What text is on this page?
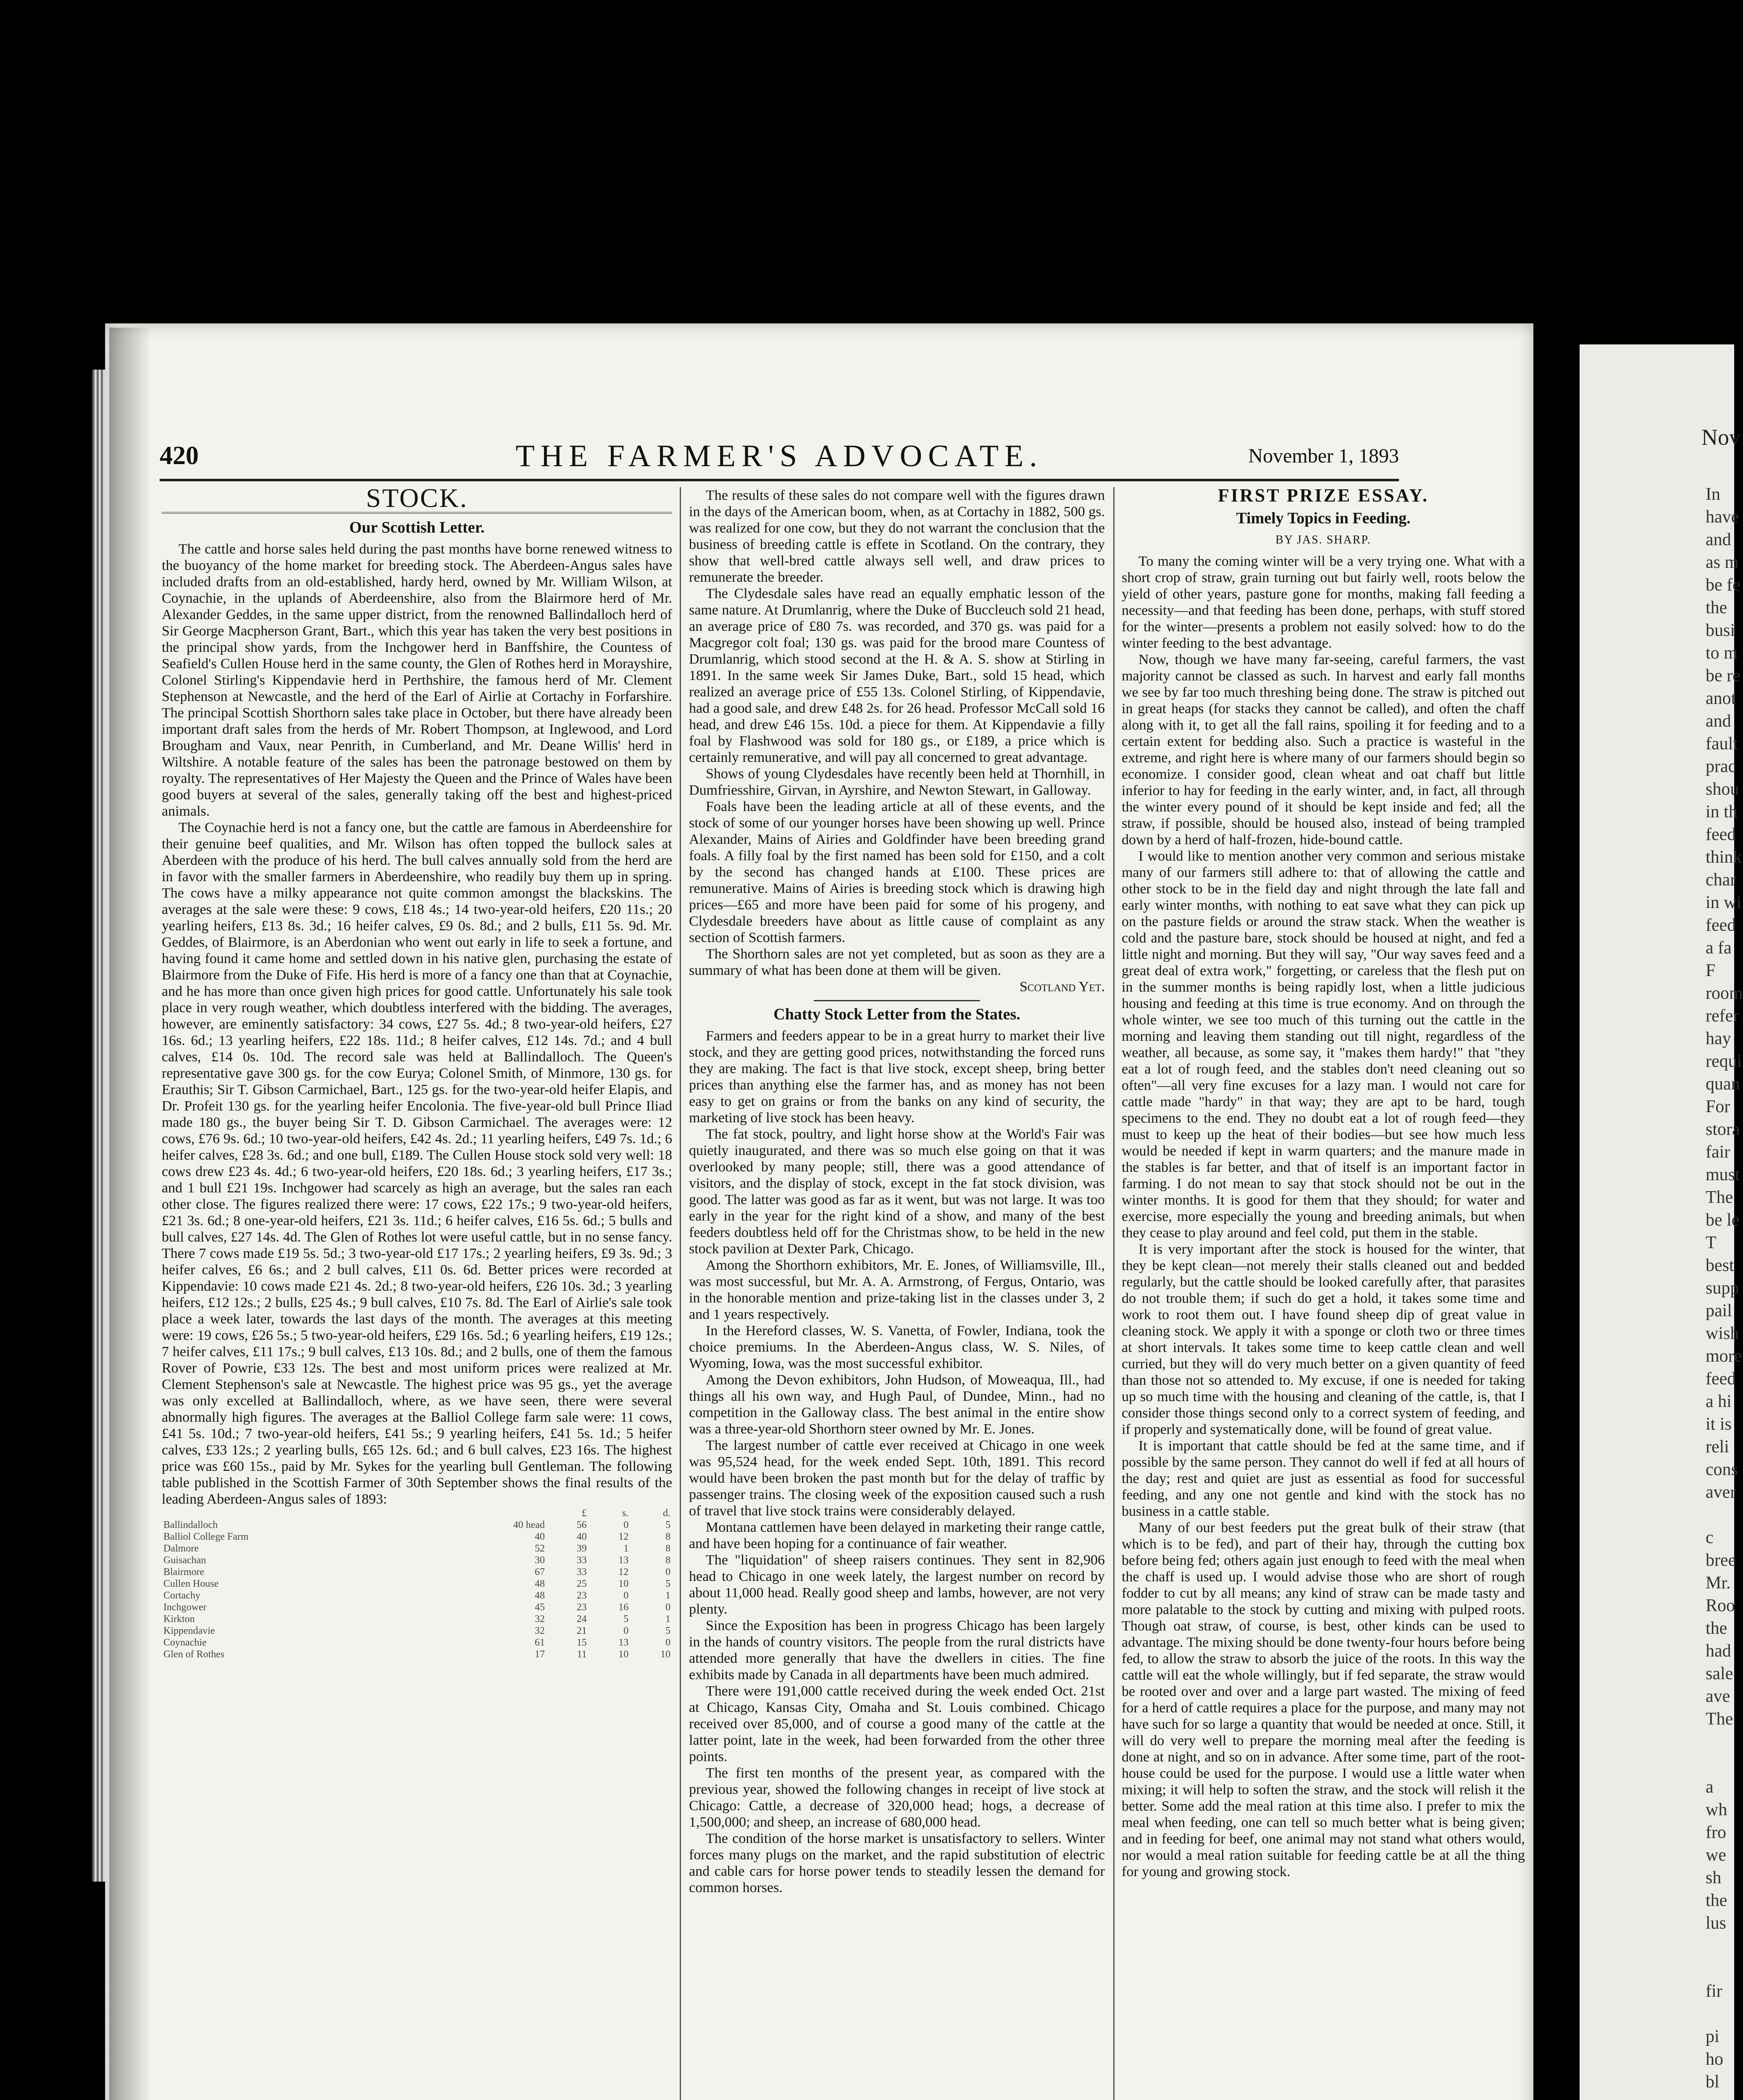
Nov
In
have
and
as m
be fe
the
busi
to m
be re
anot
and
fault
prac
shou
in th
feed
think
char
in wi
feed
a fa
F
room
refer
hay
requi
quan
For
stora
fair
must
The
be le
T
best
supp
pail
wish
more
feed
a hi
it is
reli
cons
aver
c
bree
Mr.
Roo
the
had
sale
ave
The
a
wh
fro
we
sh
the
lus
fir
pi
ho
bl
420	THE FARMER'S ADVOCATE.	November 1, 1893
STOCK.
Our Scottish Letter.

The cattle and horse sales held during the past months have borne renewed witness to the buoyancy of the home market for breeding stock. The Aberdeen-Angus sales have included drafts from an old-established, hardy herd, owned by Mr. William Wilson, at Coynachie, in the uplands of Aberdeenshire, also from the Blairmore herd of Mr. Alexander Geddes, in the same upper district, from the renowned Ballindalloch herd of Sir George Macpherson Grant, Bart., which this year has taken the very best positions in the principal show yards, from the Inchgower herd in Banffshire, the Countess of Seafield's Cullen House herd in the same county, the Glen of Rothes herd in Morayshire, Colonel Stirling's Kippendavie herd in Perthshire, the famous herd of Mr. Clement Stephenson at Newcastle, and the herd of the Earl of Airlie at Cortachy in Forfarshire. The principal Scottish Shorthorn sales take place in October, but there have already been important draft sales from the herds of Mr. Robert Thompson, at Inglewood, and Lord Brougham and Vaux, near Penrith, in Cumberland, and Mr. Deane Willis' herd in Wiltshire. A notable feature of the sales has been the patronage bestowed on them by royalty. The representatives of Her Majesty the Queen and the Prince of Wales have been good buyers at several of the sales, generally taking off the best and highest-priced animals.

The Coynachie herd is not a fancy one, but the cattle are famous in Aberdeenshire for their genuine beef qualities, and Mr. Wilson has often topped the bullock sales at Aberdeen with the produce of his herd. The bull calves annually sold from the herd are in favor with the smaller farmers in Aberdeenshire, who readily buy them up in spring. The cows have a milky appearance not quite common amongst the blackskins. The averages at the sale were these: 9 cows, £18 4s.; 14 two-year-old heifers, £20 11s.; 20 yearling heifers, £13 8s. 3d.; 16 heifer calves, £9 0s. 8d.; and 2 bulls, £11 5s. 9d. Mr. Geddes, of Blairmore, is an Aberdonian who went out early in life to seek a fortune, and having found it came home and settled down in his native glen, purchasing the estate of Blairmore from the Duke of Fife. His herd is more of a fancy one than that at Coynachie, and he has more than once given high prices for good cattle. Unfortunately his sale took place in very rough weather, which doubtless interfered with the bidding. The averages, however, are eminently satisfactory: 34 cows, £27 5s. 4d.; 8 two-year-old heifers, £27 16s. 6d.; 13 yearling heifers, £22 18s. 11d.; 8 heifer calves, £12 14s. 7d.; and 4 bull calves, £14 0s. 10d. The record sale was held at Ballindalloch. The Queen's representative gave 300 gs. for the cow Eurya; Colonel Smith, of Minmore, 130 gs. for Erauthis; Sir T. Gibson Carmichael, Bart., 125 gs. for the two-year-old heifer Elapis, and Dr. Profeit 130 gs. for the yearling heifer Encolonia. The five-year-old bull Prince Iliad made 180 gs., the buyer being Sir T. D. Gibson Carmichael. The averages were: 12 cows, £76 9s. 6d.; 10 two-year-old heifers, £42 4s. 2d.; 11 yearling heifers, £49 7s. 1d.; 6 heifer calves, £28 3s. 6d.; and one bull, £189. The Cullen House stock sold very well: 18 cows drew £23 4s. 4d.; 6 two-year-old heifers, £20 18s. 6d.; 3 yearling heifers, £17 3s.; and 1 bull £21 19s. Inchgower had scarcely as high an average, but the sales ran each other close. The figures realized there were: 17 cows, £22 17s.; 9 two-year-old heifers, £21 3s. 6d.; 8 one-year-old heifers, £21 3s. 11d.; 6 heifer calves, £16 5s. 6d.; 5 bulls and bull calves, £27 14s. 4d. The Glen of Rothes lot were useful cattle, but in no sense fancy. There 7 cows made £19 5s. 5d.; 3 two-year-old £17 17s.; 2 yearling heifers, £9 3s. 9d.; 3 heifer calves, £6 6s.; and 2 bull calves, £11 0s. 6d. Better prices were recorded at Kippendavie: 10 cows made £21 4s. 2d.; 8 two-year-old heifers, £26 10s. 3d.; 3 yearling heifers, £12 12s.; 2 bulls, £25 4s.; 9 bull calves, £10 7s. 8d. The Earl of Airlie's sale took place a week later, towards the last days of the month. The averages at this meeting were: 19 cows, £26 5s.; 5 two-year-old heifers, £29 16s. 5d.; 6 yearling heifers, £19 12s.; 7 heifer calves, £11 17s.; 9 bull calves, £13 10s. 8d.; and 2 bulls, one of them the famous Rover of Powrie, £33 12s. The best and most uniform prices were realized at Mr. Clement Stephenson's sale at Newcastle. The highest price was 95 gs., yet the average was only excelled at Ballindalloch, where, as we have seen, there were several abnormally high figures. The averages at the Balliol College farm sale were: 11 cows, £41 5s. 10d.; 7 two-year-old heifers, £41 5s.; 9 yearling heifers, £41 5s. 1d.; 5 heifer calves, £33 12s.; 2 yearling bulls, £65 12s. 6d.; and 6 bull calves, £23 16s. The highest price was £60 15s., paid by Mr. Sykes for the yearling bull Gentleman. The following table published in the Scottish Farmer of 30th September shows the final results of the leading Aberdeen-Angus sales of 1893:

		£	s.	d.
Ballindalloch	40 head	56	0	5
Balliol College Farm	40	40	12	8
Dalmore	52	39	1	8
Guisachan	30	33	13	8
Blairmore	67	33	12	0
Cullen House	48	25	10	5
Cortachy	48	23	0	1
Inchgower	45	23	16	0
Kirkton	32	24	5	1
Kippendavie	32	21	0	5
Coynachie	61	15	13	0
Glen of Rothes	17	11	10	10

The results of these sales do not compare well with the figures drawn in the days of the American boom, when, as at Cortachy in 1882, 500 gs. was realized for one cow, but they do not warrant the conclusion that the business of breeding cattle is effete in Scotland. On the contrary, they show that well-bred cattle always sell well, and draw prices to remunerate the breeder.

The Clydesdale sales have read an equally emphatic lesson of the same nature. At Drumlanrig, where the Duke of Buccleuch sold 21 head, an average price of £80 7s. was recorded, and 370 gs. was paid for a Macgregor colt foal; 130 gs. was paid for the brood mare Countess of Drumlanrig, which stood second at the H. & A. S. show at Stirling in 1891. In the same week Sir James Duke, Bart., sold 15 head, which realized an average price of £55 13s. Colonel Stirling, of Kippendavie, had a good sale, and drew £48 2s. for 26 head. Professor McCall sold 16 head, and drew £46 15s. 10d. a piece for them. At Kippendavie a filly foal by Flashwood was sold for 180 gs., or £189, a price which is certainly remunerative, and will pay all concerned to great advantage.

Shows of young Clydesdales have recently been held at Thornhill, in Dumfriesshire, Girvan, in Ayrshire, and Newton Stewart, in Galloway.

Foals have been the leading article at all of these events, and the stock of some of our younger horses have been showing up well. Prince Alexander, Mains of Airies and Goldfinder have been breeding grand foals. A filly foal by the first named has been sold for £150, and a colt by the second has changed hands at £100. These prices are remunerative. Mains of Airies is breeding stock which is drawing high prices—£65 and more have been paid for some of his progeny, and Clydesdale breeders have about as little cause of complaint as any section of Scottish farmers.

The Shorthorn sales are not yet completed, but as soon as they are a summary of what has been done at them will be given.

Scotland Yet.
Chatty Stock Letter from the States.

Farmers and feeders appear to be in a great hurry to market their live stock, and they are getting good prices, notwithstanding the forced runs they are making. The fact is that live stock, except sheep, bring better prices than anything else the farmer has, and as money has not been easy to get on grains or from the banks on any kind of security, the marketing of live stock has been heavy.

The fat stock, poultry, and light horse show at the World's Fair was quietly inaugurated, and there was so much else going on that it was overlooked by many people; still, there was a good attendance of visitors, and the display of stock, except in the fat stock division, was good. The latter was good as far as it went, but was not large. It was too early in the year for the right kind of a show, and many of the best feeders doubtless held off for the Christmas show, to be held in the new stock pavilion at Dexter Park, Chicago.

Among the Shorthorn exhibitors, Mr. E. Jones, of Williamsville, Ill., was most successful, but Mr. A. A. Armstrong, of Fergus, Ontario, was in the honorable mention and prize-taking list in the classes under 3, 2 and 1 years respectively.

In the Hereford classes, W. S. Vanetta, of Fowler, Indiana, took the choice premiums. In the Aberdeen-Angus class, W. S. Niles, of Wyoming, Iowa, was the most successful exhibitor.

Among the Devon exhibitors, John Hudson, of Moweaqua, Ill., had things all his own way, and Hugh Paul, of Dundee, Minn., had no competition in the Galloway class. The best animal in the entire show was a three-year-old Shorthorn steer owned by Mr. E. Jones.

The largest number of cattle ever received at Chicago in one week was 95,524 head, for the week ended Sept. 10th, 1891. This record would have been broken the past month but for the delay of traffic by passenger trains. The closing week of the exposition caused such a rush of travel that live stock trains were considerably delayed.

Montana cattlemen have been delayed in marketing their range cattle, and have been hoping for a continuance of fair weather.

The "liquidation" of sheep raisers continues. They sent in 82,906 head to Chicago in one week lately, the largest number on record by about 11,000 head. Really good sheep and lambs, however, are not very plenty.

Since the Exposition has been in progress Chicago has been largely in the hands of country visitors. The people from the rural districts have attended more generally that have the dwellers in cities. The fine exhibits made by Canada in all departments have been much admired.

There were 191,000 cattle received during the week ended Oct. 21st at Chicago, Kansas City, Omaha and St. Louis combined. Chicago received over 85,000, and of course a good many of the cattle at the latter point, late in the week, had been forwarded from the other three points.

The first ten months of the present year, as compared with the previous year, showed the following changes in receipt of live stock at Chicago: Cattle, a decrease of 320,000 head; hogs, a decrease of 1,500,000; and sheep, an increase of 680,000 head.

The condition of the horse market is unsatisfactory to sellers. Winter forces many plugs on the market, and the rapid substitution of electric and cable cars for horse power tends to steadily lessen the demand for common horses.

FIRST PRIZE ESSAY.
Timely Topics in Feeding.
BY JAS. SHARP.

To many the coming winter will be a very trying one. What with a short crop of straw, grain turning out but fairly well, roots below the yield of other years, pasture gone for months, making fall feeding a necessity—and that feeding has been done, perhaps, with stuff stored for the winter—presents a problem not easily solved: how to do the winter feeding to the best advantage.

Now, though we have many far-seeing, careful farmers, the vast majority cannot be classed as such. In harvest and early fall months we see by far too much threshing being done. The straw is pitched out in great heaps (for stacks they cannot be called), and often the chaff along with it, to get all the fall rains, spoiling it for feeding and to a certain extent for bedding also. Such a practice is wasteful in the extreme, and right here is where many of our farmers should begin so economize. I consider good, clean wheat and oat chaff but little inferior to hay for feeding in the early winter, and, in fact, all through the winter every pound of it should be kept inside and fed; all the straw, if possible, should be housed also, instead of being trampled down by a herd of half-frozen, hide-bound cattle.

I would like to mention another very common and serious mistake many of our farmers still adhere to: that of allowing the cattle and other stock to be in the field day and night through the late fall and early winter months, with nothing to eat save what they can pick up on the pasture fields or around the straw stack. When the weather is cold and the pasture bare, stock should be housed at night, and fed a little night and morning. But they will say, "Our way saves feed and a great deal of extra work," forgetting, or careless that the flesh put on in the summer months is being rapidly lost, when a little judicious housing and feeding at this time is true economy. And on through the whole winter, we see too much of this turning out the cattle in the morning and leaving them standing out till night, regardless of the weather, all because, as some say, it "makes them hardy!" that "they eat a lot of rough feed, and the stables don't need cleaning out so often"—all very fine excuses for a lazy man. I would not care for cattle made "hardy" in that way; they are apt to be hard, tough specimens to the end. They no doubt eat a lot of rough feed—they must to keep up the heat of their bodies—but see how much less would be needed if kept in warm quarters; and the manure made in the stables is far better, and that of itself is an important factor in farming. I do not mean to say that stock should not be out in the winter months. It is good for them that they should; for water and exercise, more especially the young and breeding animals, but when they cease to play around and feel cold, put them in the stable.

It is very important after the stock is housed for the winter, that they be kept clean—not merely their stalls cleaned out and bedded regularly, but the cattle should be looked carefully after, that parasites do not trouble them; if such do get a hold, it takes some time and work to root them out. I have found sheep dip of great value in cleaning stock. We apply it with a sponge or cloth two or three times at short intervals. It takes some time to keep cattle clean and well curried, but they will do very much better on a given quantity of feed than those not so attended to. My excuse, if one is needed for taking up so much time with the housing and cleaning of the cattle, is, that I consider those things second only to a correct system of feeding, and if properly and systematically done, will be found of great value.

It is important that cattle should be fed at the same time, and if possible by the same person. They cannot do well if fed at all hours of the day; rest and quiet are just as essential as food for successful feeding, and any one not gentle and kind with the stock has no business in a cattle stable.

Many of our best feeders put the great bulk of their straw (that which is to be fed), and part of their hay, through the cutting box before being fed; others again just enough to feed with the meal when the chaff is used up. I would advise those who are short of rough fodder to cut by all means; any kind of straw can be made tasty and more palatable to the stock by cutting and mixing with pulped roots. Though oat straw, of course, is best, other kinds can be used to advantage. The mixing should be done twenty-four hours before being fed, to allow the straw to absorb the juice of the roots. In this way the cattle will eat the whole willingly, but if fed separate, the straw would be rooted over and over and a large part wasted. The mixing of feed for a herd of cattle requires a place for the purpose, and many may not have such for so large a quantity that would be needed at once. Still, it will do very well to prepare the morning meal after the feeding is done at night, and so on in advance. After some time, part of the root-house could be used for the purpose. I would use a little water when mixing; it will help to soften the straw, and the stock will relish it the better. Some add the meal ration at this time also. I prefer to mix the meal when feeding, one can tell so much better what is being given; and in feeding for beef, one animal may not stand what others would, nor would a meal ration suitable for feeding cattle be at all the thing for young and growing stock.
